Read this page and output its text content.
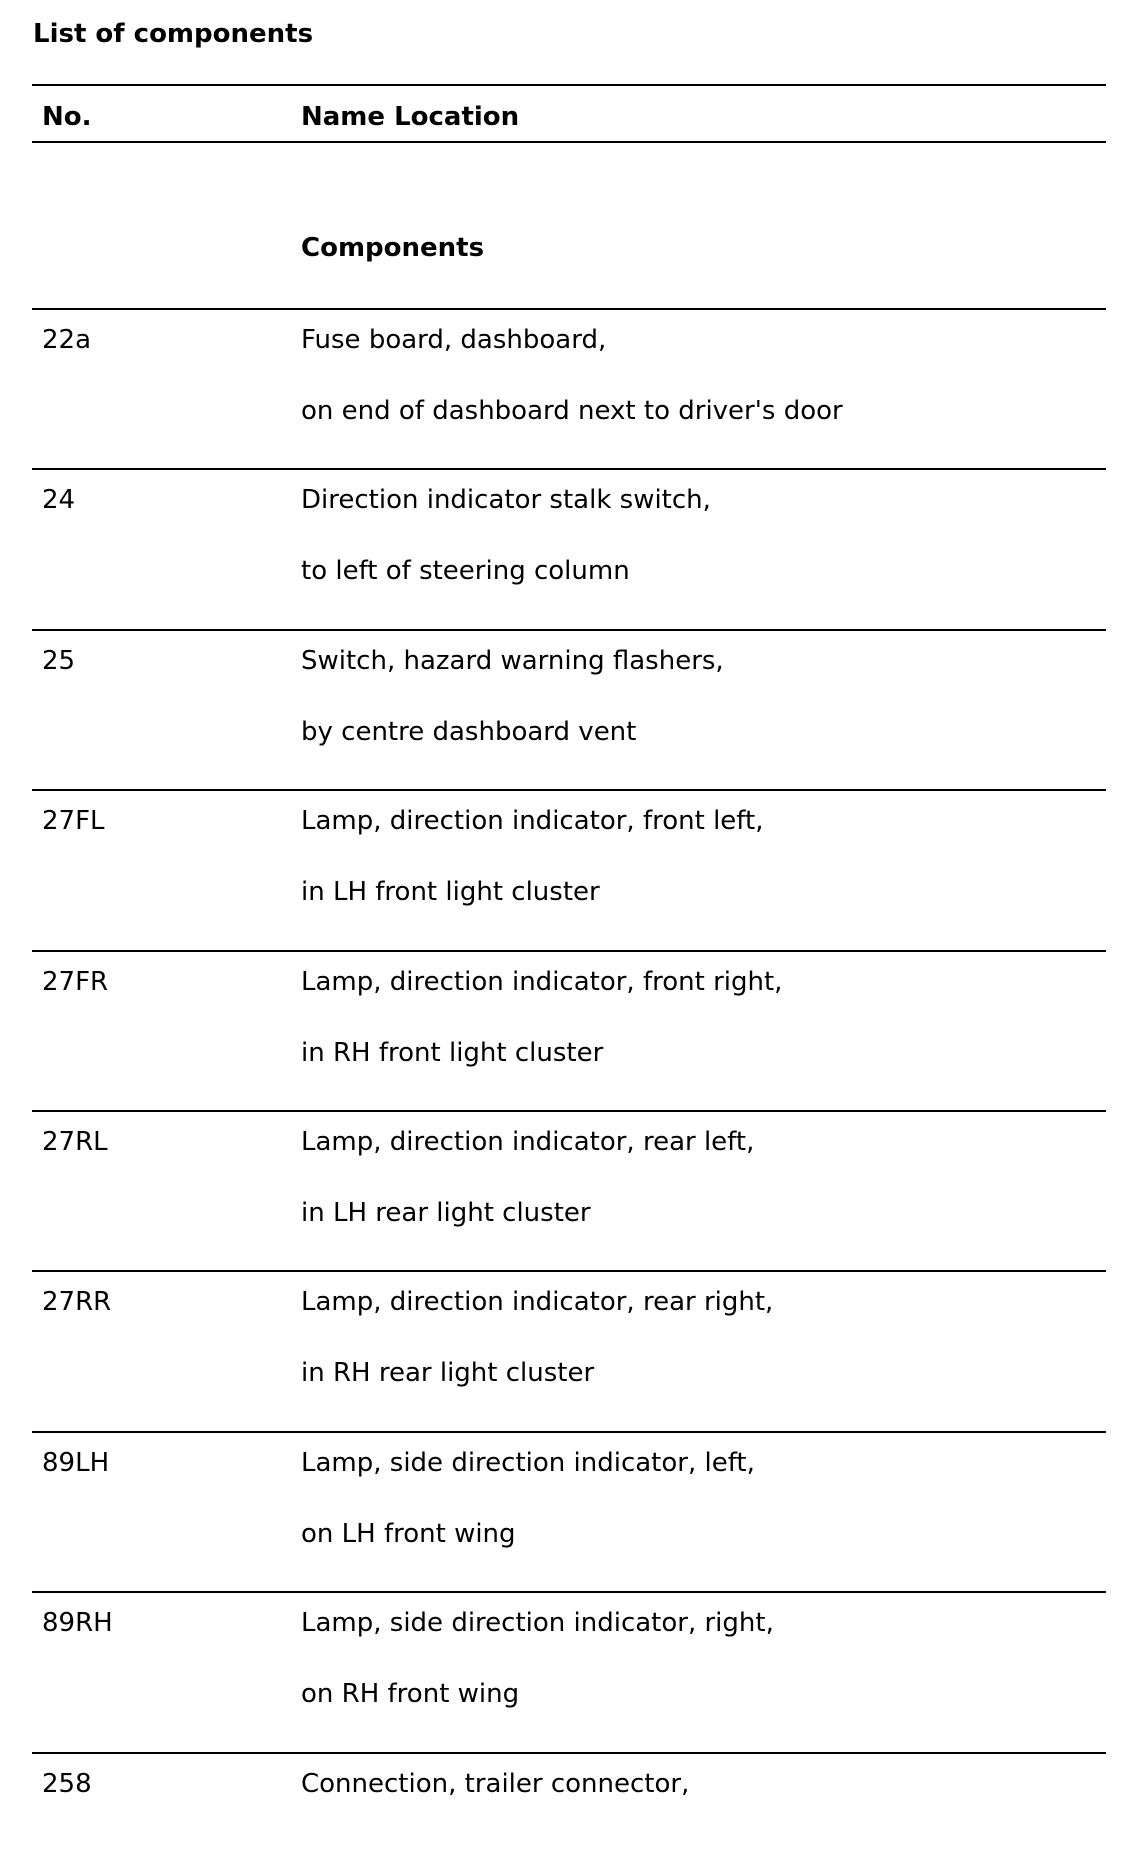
List of components
No.	Name Location
Components
22a	Fuse board, dashboard,
on end of dashboard next to driver's door
24	Direction indicator stalk switch,
to left of steering column
25	Switch, hazard warning flashers,
by centre dashboard vent
27FL	Lamp, direction indicator, front left,
in LH front light cluster
27FR	Lamp, direction indicator, front right,
in RH front light cluster
27RL	Lamp, direction indicator, rear left,
in LH rear light cluster
27RR	Lamp, direction indicator, rear right,
in RH rear light cluster
89LH	Lamp, side direction indicator, left,
on LH front wing
89RH	Lamp, side direction indicator, right,
on RH front wing
258	Connection, trailer connector,
